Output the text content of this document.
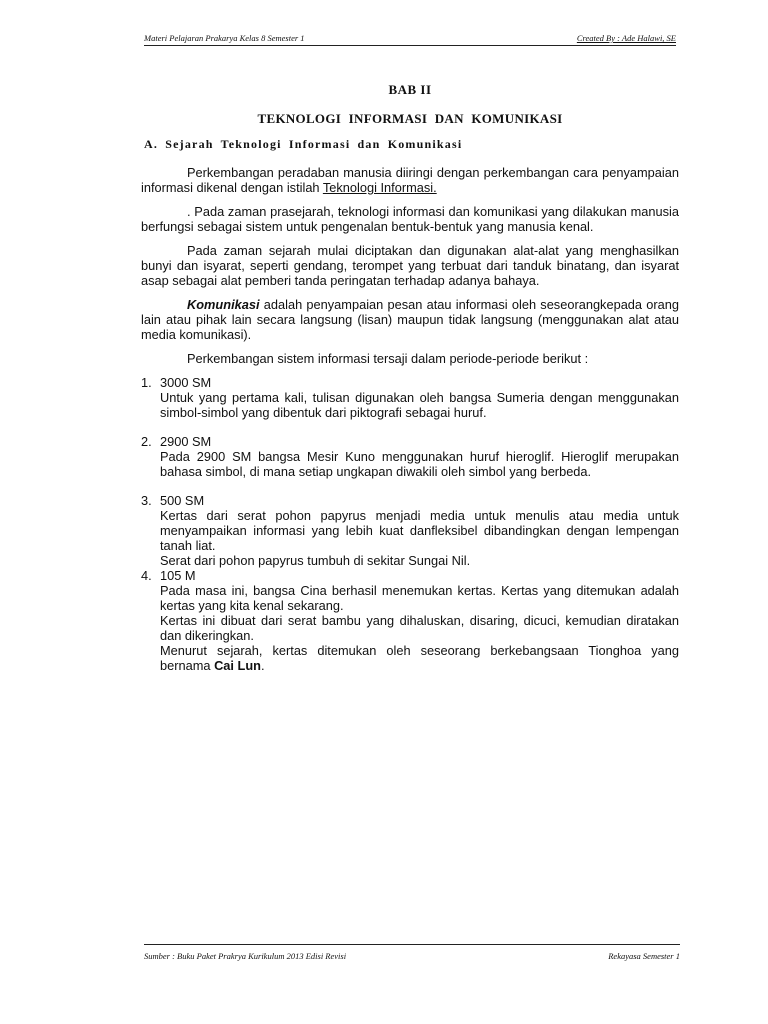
Materi Pelajaran Prakarya Kelas 8 Semester 1	Created By : Ade Halawi, SE
BAB II
TEKNOLOGI INFORMASI DAN KOMUNIKASI
A. Sejarah Teknologi Informasi dan Komunikasi

Perkembangan peradaban manusia diiringi dengan perkembangan cara penyampaian informasi dikenal dengan istilah Teknologi Informasi.

. Pada zaman prasejarah, teknologi informasi dan komunikasi yang dilakukan manusia berfungsi sebagai sistem untuk pengenalan bentuk-bentuk yang manusia kenal.

Pada zaman sejarah mulai diciptakan dan digunakan alat-alat yang menghasilkan bunyi dan isyarat, seperti gendang, terompet yang terbuat dari tanduk binatang, dan isyarat asap sebagai alat pemberi tanda peringatan terhadap adanya bahaya.

Komunikasi adalah penyampaian pesan atau informasi oleh seseorangkepada orang lain atau pihak lain secara langsung (lisan) maupun tidak langsung (menggunakan alat atau media komunikasi).

Perkembangan sistem informasi tersaji dalam periode-periode berikut :

1. 3000 SM
Untuk yang pertama kali, tulisan digunakan oleh bangsa Sumeria dengan menggunakan simbol-simbol yang dibentuk dari piktografi sebagai huruf.
2. 2900 SM
Pada 2900 SM bangsa Mesir Kuno menggunakan huruf hieroglif. Hieroglif merupakan bahasa simbol, di mana setiap ungkapan diwakili oleh simbol yang berbeda.
3. 500 SM
Kertas dari serat pohon papyrus menjadi media untuk menulis atau media untuk menyampaikan informasi yang lebih kuat danfleksibel dibandingkan dengan lempengan tanah liat.
Serat dari pohon papyrus tumbuh di sekitar Sungai Nil.
4. 105 M
Pada masa ini, bangsa Cina berhasil menemukan kertas. Kertas yang ditemukan adalah kertas yang kita kenal sekarang.
Kertas ini dibuat dari serat bambu yang dihaluskan, disaring, dicuci, kemudian diratakan dan dikeringkan.
Menurut sejarah, kertas ditemukan oleh seseorang berkebangsaan Tionghoa yang bernama Cai Lun.
Sumber : Buku Paket Prakrya Kurikulum 2013 Edisi Revisi	Rekayasa Semester 1
